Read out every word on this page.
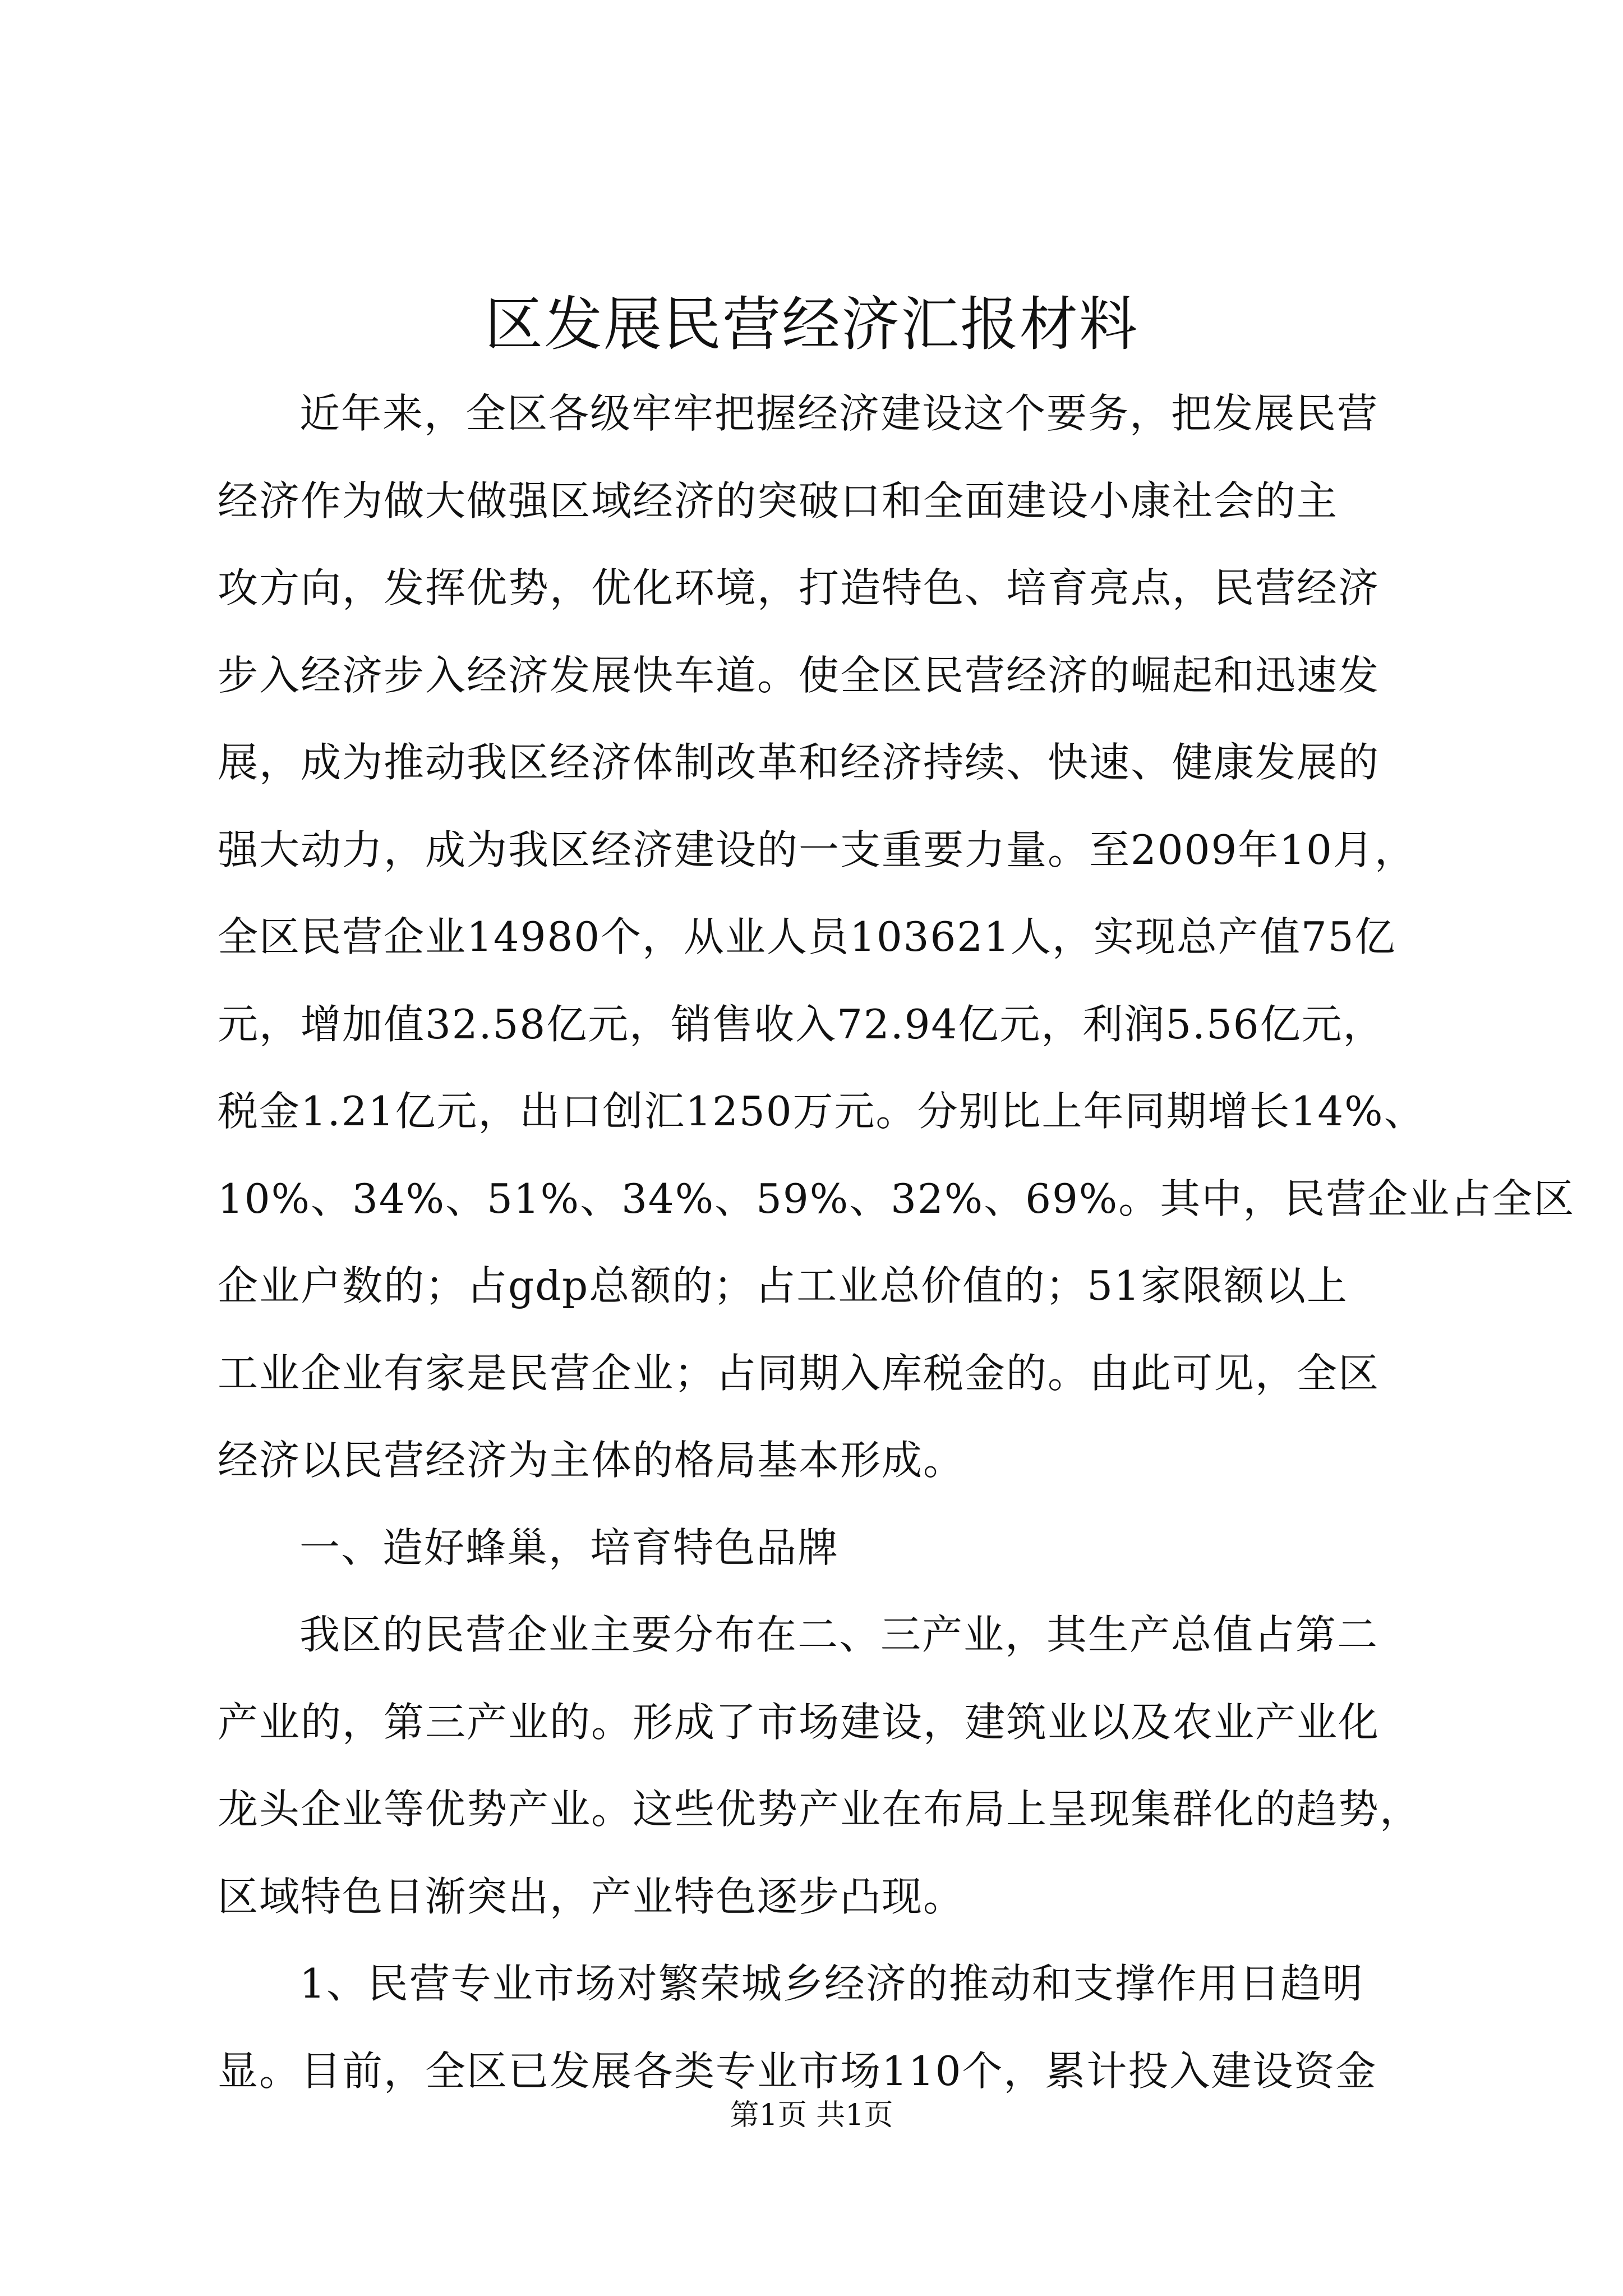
区发展民营经济汇报材料
近年来，全区各级牢牢把握经济建设这个要务，把发展民营
经济作为做大做强区域经济的突破口和全面建设小康社会的主
攻方向，发挥优势，优化环境，打造特色、培育亮点，民营经济
步入经济步入经济发展快车道。使全区民营经济的崛起和迅速发
展，成为推动我区经济体制改革和经济持续、快速、健康发展的
强大动力，成为我区经济建设的一支重要力量。至2009年10月，
全区民营企业14980个，从业人员103621人，实现总产值75亿
元，增加值32.58亿元，销售收入72.94亿元，利润5.56亿元，
税金1.21亿元，出口创汇1250万元。分别比上年同期增长14%、
10%、34%、51%、34%、59%、32%、69%。其中，民营企业占全区
企业户数的；占gdp总额的；占工业总价值的；51家限额以上
工业企业有家是民营企业；占同期入库税金的。由此可见，全区
经济以民营经济为主体的格局基本形成。
一、造好蜂巢，培育特色品牌
我区的民营企业主要分布在二、三产业，其生产总值占第二
产业的，第三产业的。形成了市场建设，建筑业以及农业产业化
龙头企业等优势产业。这些优势产业在布局上呈现集群化的趋势，
区域特色日渐突出，产业特色逐步凸现。
1、民营专业市场对繁荣城乡经济的推动和支撑作用日趋明
显。目前，全区已发展各类专业市场110个，累计投入建设资金
第1页 共1页
